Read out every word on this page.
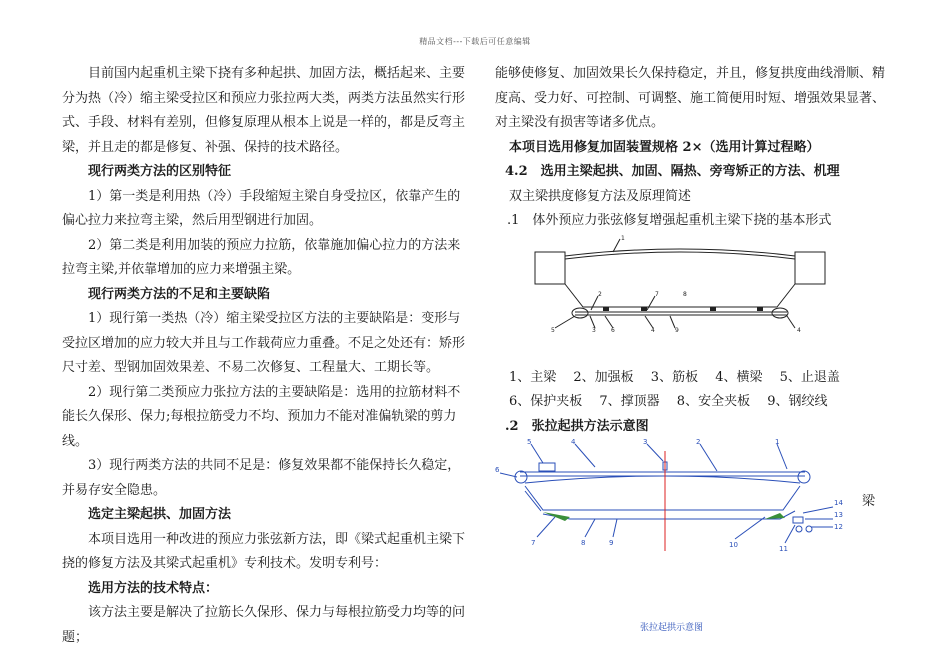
精品文档---下载后可任意编辑

目前国内起重机主梁下挠有多种起拱、加固方法，概括起来、主要分为热（冷）缩主梁受拉区和预应力张拉两大类，两类方法虽然实行形式、手段、材料有差别，但修复原理从根本上说是一样的，都是反弯主梁，并且走的都是修复、补强、保持的技术路径。

现行两类方法的区别特征

1）第一类是利用热（冷）手段缩短主梁自身受拉区，依靠产生的偏心拉力来拉弯主梁，然后用型钢进行加固。

2）第二类是利用加装的预应力拉筋，依靠施加偏心拉力的方法来拉弯主梁,并依靠增加的应力来增强主梁。

现行两类方法的不足和主要缺陷

1）现行第一类热（冷）缩主梁受拉区方法的主要缺陷是：变形与受拉区增加的应力较大并且与工作载荷应力重叠。不足之处还有：矫形尺寸差、型钢加固效果差、不易二次修复、工程量大、工期长等。

2）现行第二类预应力张拉方法的主要缺陷是：选用的拉筋材料不能长久保形、保力;每根拉筋受力不均、预加力不能对准偏轨梁的剪力线。

3）现行两类方法的共同不足是：修复效果都不能保持长久稳定，并易存安全隐患。

选定主梁起拱、加固方法

本项目选用一种改进的预应力张弦新方法，即《梁式起重机主梁下挠的修复方法及其梁式起重机》专利技术。发明专利号：

选用方法的技术特点：

该方法主要是解决了拉筋长久保形、保力与每根拉筋受力均等的问题；

能够使修复、加固效果长久保持稳定，并且，修复拱度曲线滑顺、精度高、受力好、可控制、可调整、施工简便用时短、增强效果显著、对主梁没有损害等诸多优点。

本项目选用修复加固装置规格 2×（选用计算过程略）

4.2　选用主梁起拱、加固、隔热、旁弯矫正的方法、机理

双主梁拱度修复方法及原理简述

.1　体外预应力张弦修复增强起重机主梁下挠的基本形式

1
2	7	8
5	3	6	4	9	4

1、主梁　 2、加强板　 3、筋板　 4、横梁　 5、止退盖

6、保护夹板　 7、撑顶器　 8、安全夹板　 9、钢绞线

.2　张拉起拱方法示意图

5	4	3	2	1
6
14
13
12
7	8	9	10	11
梁
张拉起拱示意图
